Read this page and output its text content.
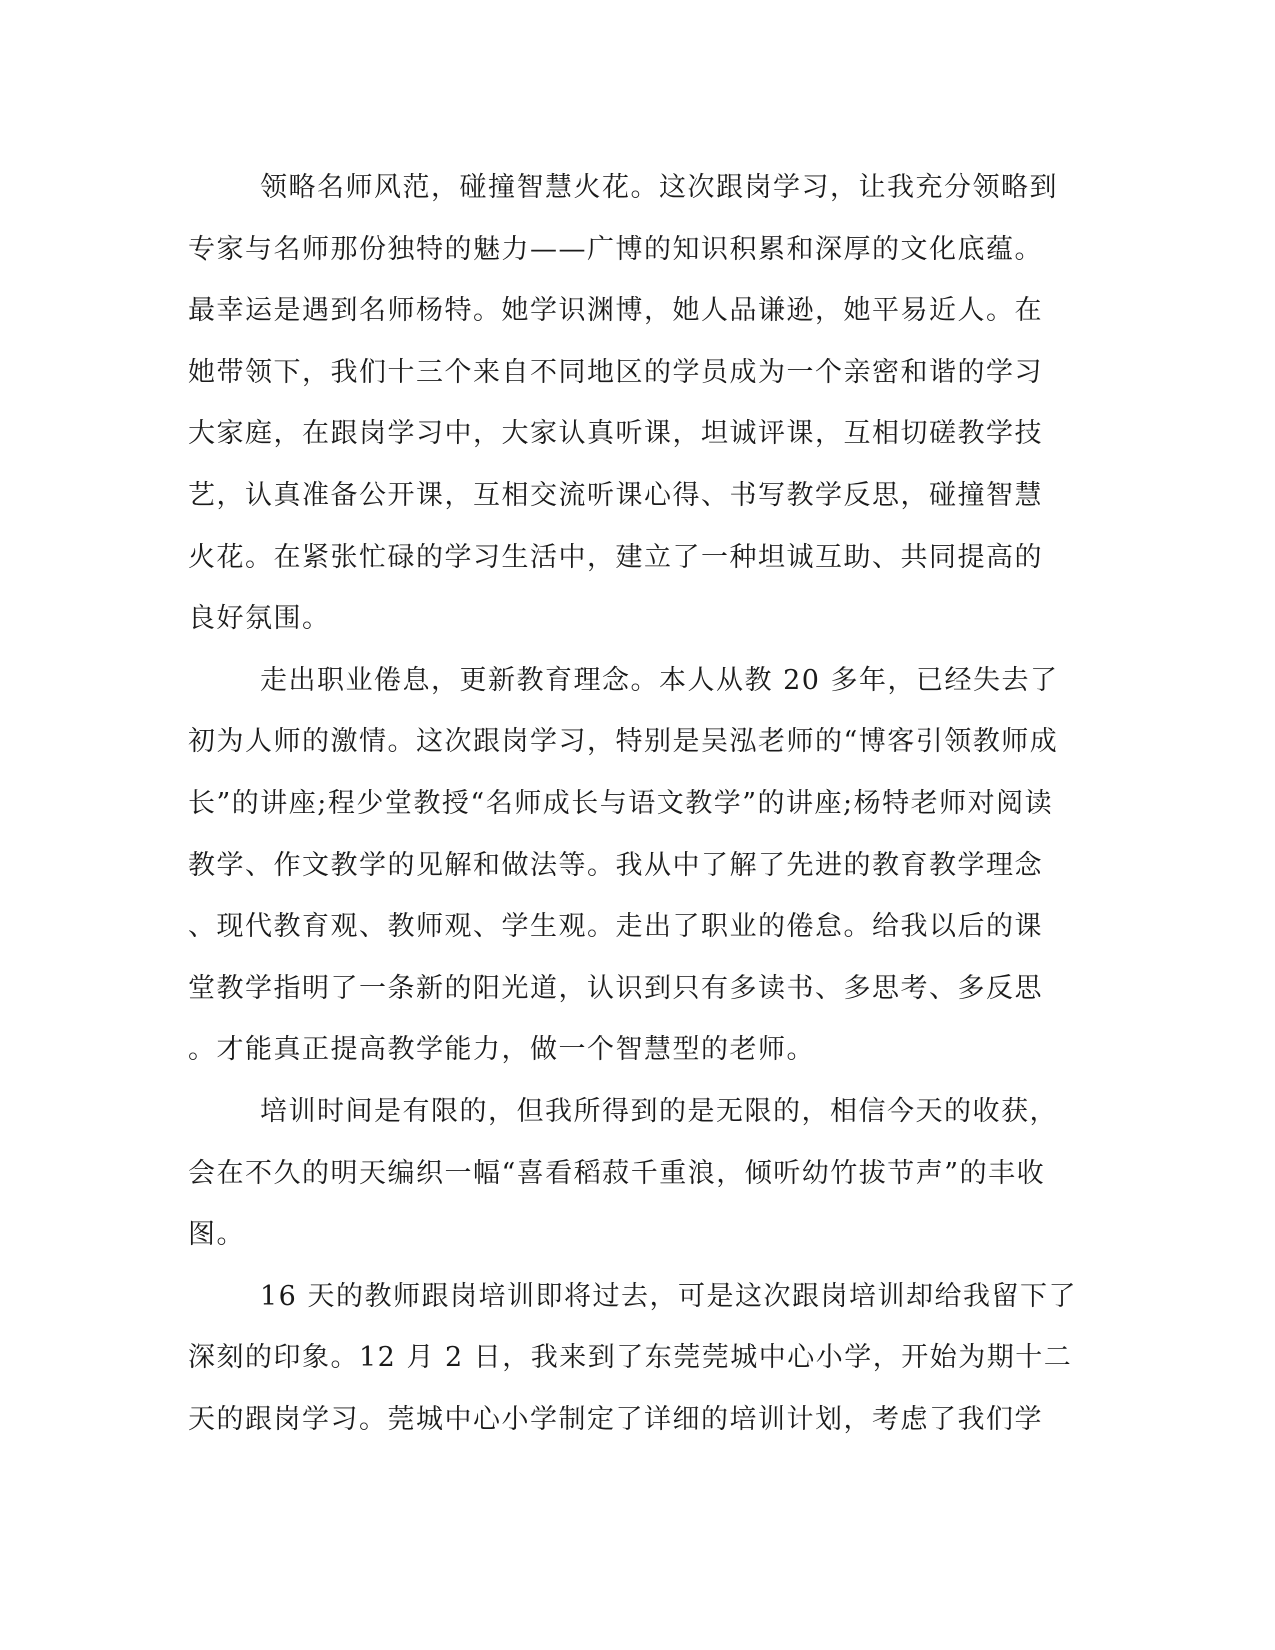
领略名师风范，碰撞智慧火花。这次跟岗学习，让我充分领略到
专家与名师那份独特的魅力——广博的知识积累和深厚的文化底蕴。
最幸运是遇到名师杨特。她学识渊博，她人品谦逊，她平易近人。在
她带领下，我们十三个来自不同地区的学员成为一个亲密和谐的学习
大家庭，在跟岗学习中，大家认真听课，坦诚评课，互相切磋教学技
艺，认真准备公开课，互相交流听课心得、书写教学反思，碰撞智慧
火花。在紧张忙碌的学习生活中，建立了一种坦诚互助、共同提高的
良好氛围。
走出职业倦息，更新教育理念。本人从教 20 多年，已经失去了
初为人师的激情。这次跟岗学习，特别是吴泓老师的“博客引领教师成
长”的讲座;程少堂教授“名师成长与语文教学”的讲座;杨特老师对阅读
教学、作文教学的见解和做法等。我从中了解了先进的教育教学理念
、现代教育观、教师观、学生观。走出了职业的倦怠。给我以后的课
堂教学指明了一条新的阳光道，认识到只有多读书、多思考、多反思
。才能真正提高教学能力，做一个智慧型的老师。
培训时间是有限的，但我所得到的是无限的，相信今天的收获，
会在不久的明天编织一幅“喜看稻菽千重浪，倾听幼竹拔节声”的丰收
图。
16 天的教师跟岗培训即将过去，可是这次跟岗培训却给我留下了
深刻的印象。12 月 2 日，我来到了东莞莞城中心小学，开始为期十二
天的跟岗学习。莞城中心小学制定了详细的培训计划，考虑了我们学
